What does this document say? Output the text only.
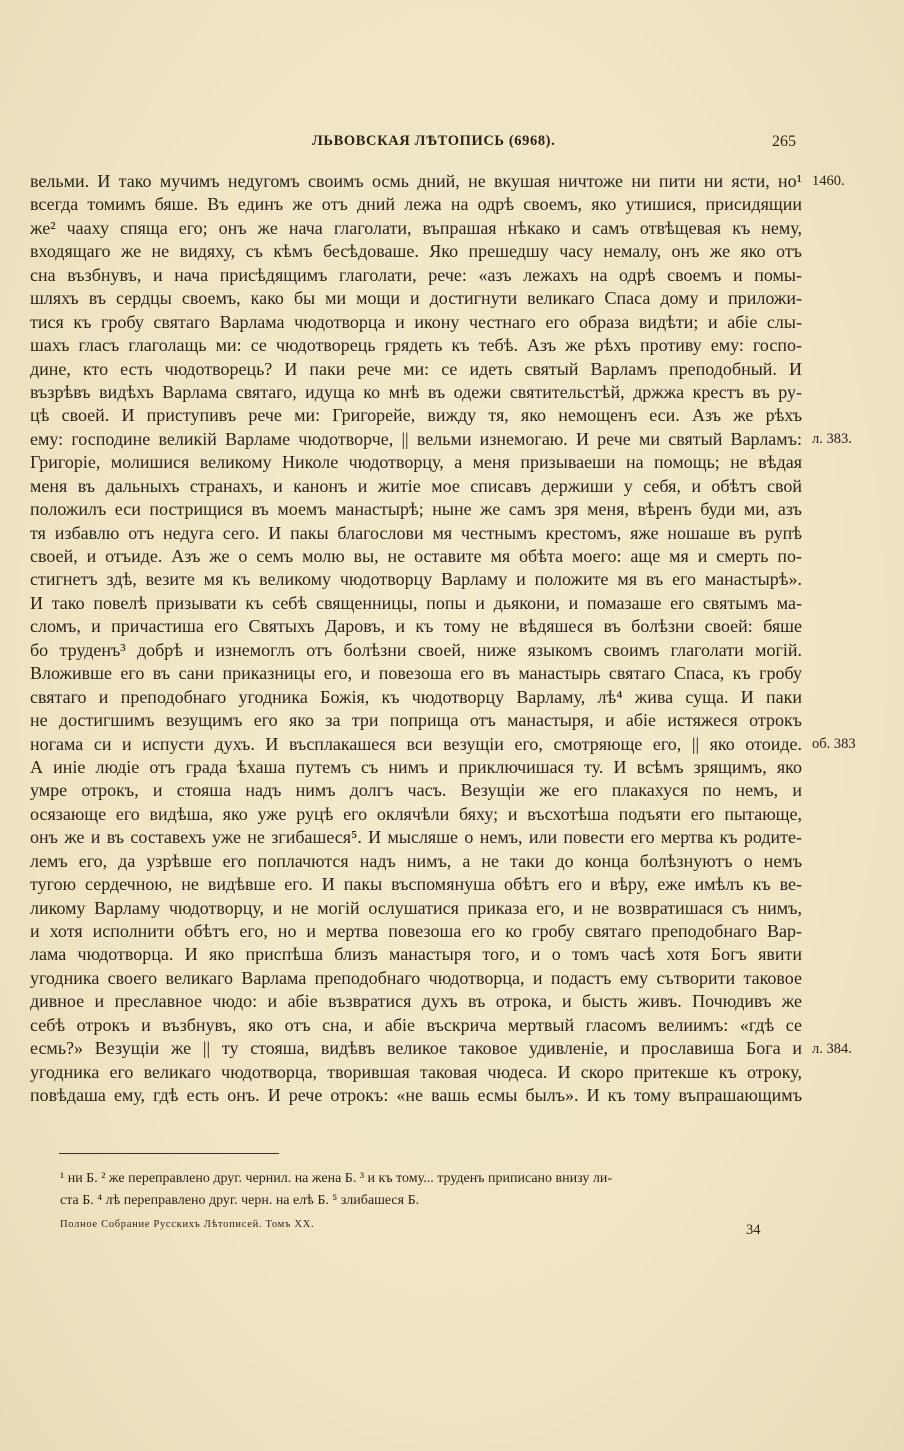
ЛЬВОВСКАЯ ЛѢТОПИСЬ (6968).	265
вельми. И тако мучимъ недугомъ своимъ осмь дний, не вкушая ничтоже ни пити ни ясти, но¹
всегда томимъ бяше. Въ единъ же отъ дний лежа на одрѣ своемъ, яко утишися, присидящии
же² чааху спяща его; онъ же нача глаголати, въпрашая нѣкако и самъ отвѣщевая къ нему,
входящаго же не видяху, съ кѣмъ бесѣдоваше. Яко прешедшу часу немалу, онъ же яко отъ
сна възбнувъ, и нача присѣдящимъ глаголати, рече: «азъ лежахъ на одрѣ своемъ и помы-
шляхъ въ сердцы своемъ, како бы ми мощи и достигнути великаго Спаса дому и приложи-
тися къ гробу святаго Варлама чюдотворца и икону честнаго его образа видѣти; и абіе слы-
шахъ гласъ глаголащь ми: се чюдотворець грядеть къ тебѣ. Азъ же рѣхъ противу ему: госпо-
дине, кто есть чюдотворець? И паки рече ми: се идеть святый Варламъ преподобный. И
възрѣвъ видѣхъ Варлама святаго, идуща ко мнѣ въ одежи святительстѣй, држжа крестъ въ ру-
цѣ своей. И приступивъ рече ми: Григорейе, вижду тя, яко немощенъ еси. Азъ же рѣхъ
ему: господине великій Варламе чюдотворче, || вельми изнемогаю. И рече ми святый Варламъ:
Григоріе, молишися великому Николе чюдотворцу, а меня призываеши на помощь; не вѣдая
меня въ дальныхъ странахъ, и канонъ и житіе мое списавъ держиши у себя, и обѣтъ свой
положилъ еси пострищися въ моемъ манастырѣ; ныне же самъ зря меня, вѣренъ буди ми, азъ
тя избавлю отъ недуга сего. И пакы благослови мя честнымъ крестомъ, яже ношаше въ рупѣ
своей, и отъиде. Азъ же о семъ молю вы, не оставите мя обѣта моего: аще мя и смерть по-
стигнетъ здѣ, везите мя къ великому чюдотворцу Варламу и положите мя въ его манастырѣ».
И тако повелѣ призывати къ себѣ священницы, попы и дьякони, и помазаше его святымъ ма-
сломъ, и причастиша его Святыхъ Даровъ, и къ тому не вѣдяшеся въ болѣзни своей: бяше
бо труденъ³ добрѣ и изнемоглъ отъ болѣзни своей, ниже языкомъ своимъ глаголати могій.
Вложивше его въ сани приказницы его, и повезоша его въ манастырь святаго Спаса, къ гробу
святаго и преподобнаго угодника Божія, къ чюдотворцу Варламу, лѣ⁴ жива суща. И паки
не достигшимъ везущимъ его яко за три поприща отъ манастыря, и абіе истяжеся отрокъ
ногама си и испусти духъ. И въсплакашеся вси везущіи его, смотряюще его, || яко отоиде.
А иніе людіе отъ града ѣхаша путемъ съ нимъ и приключишася ту. И всѣмъ зрящимъ, яко
умре отрокъ, и стояша надъ нимъ долгъ часъ. Везущіи же его плакахуся по немъ, и
осязающе его видѣша, яко уже руцѣ его оклячѣли бяху; и въсхотѣша подъяти его пытающе,
онъ же и въ составехъ уже не згибашеся⁵. И мысляше о немъ, или повести его мертва къ родите-
лемъ его, да узрѣвше его поплачются надъ нимъ, а не таки до конца болѣзнуютъ о немъ
тугою сердечною, не видѣвше его. И пакы въспомянуша обѣтъ его и вѣру, еже имѣлъ къ ве-
ликому Варламу чюдотворцу, и не могій ослушатися приказа его, и не возвратишася съ нимъ,
и хотя исполнити обѣтъ его, но и мертва повезоша его ко гробу святаго преподобнаго Вар-
лама чюдотворца. И яко приспѣша близъ манастыря того, и о томъ часѣ хотя Богъ явити
угодника своего великаго Варлама преподобнаго чюдотворца, и подастъ ему сътворити таковое
дивное и преславное чюдо: и абіе възвратися духъ въ отрока, и бысть живъ. Почюдивъ же
себѣ отрокъ и възбнувъ, яко отъ сна, и абіе въскрича мертвый гласомъ велиимъ: «гдѣ се
есмь?» Везущіи же || ту стояша, видѣвъ великое таковое удивленіе, и прославиша Бога и
угодника его великаго чюдотворца, творившая таковая чюдеса. И скоро притекше къ отроку,
повѣдаша ему, гдѣ есть онъ. И рече отрокъ: «не вашь есмы былъ». И къ тому въпрашающимъ
1460.
л. 383.
об. 383
л. 384.
¹ ни Б. ² же переправлено друг. чернил. на жена Б. ³ и къ тому... труденъ приписано внизу ли-
ста Б. ⁴ лѣ переправлено друг. черн. на елѣ Б. ⁵ злибашеся Б.
Полное Собрание Русскихъ Лѣтописей. Томъ XX.	34
